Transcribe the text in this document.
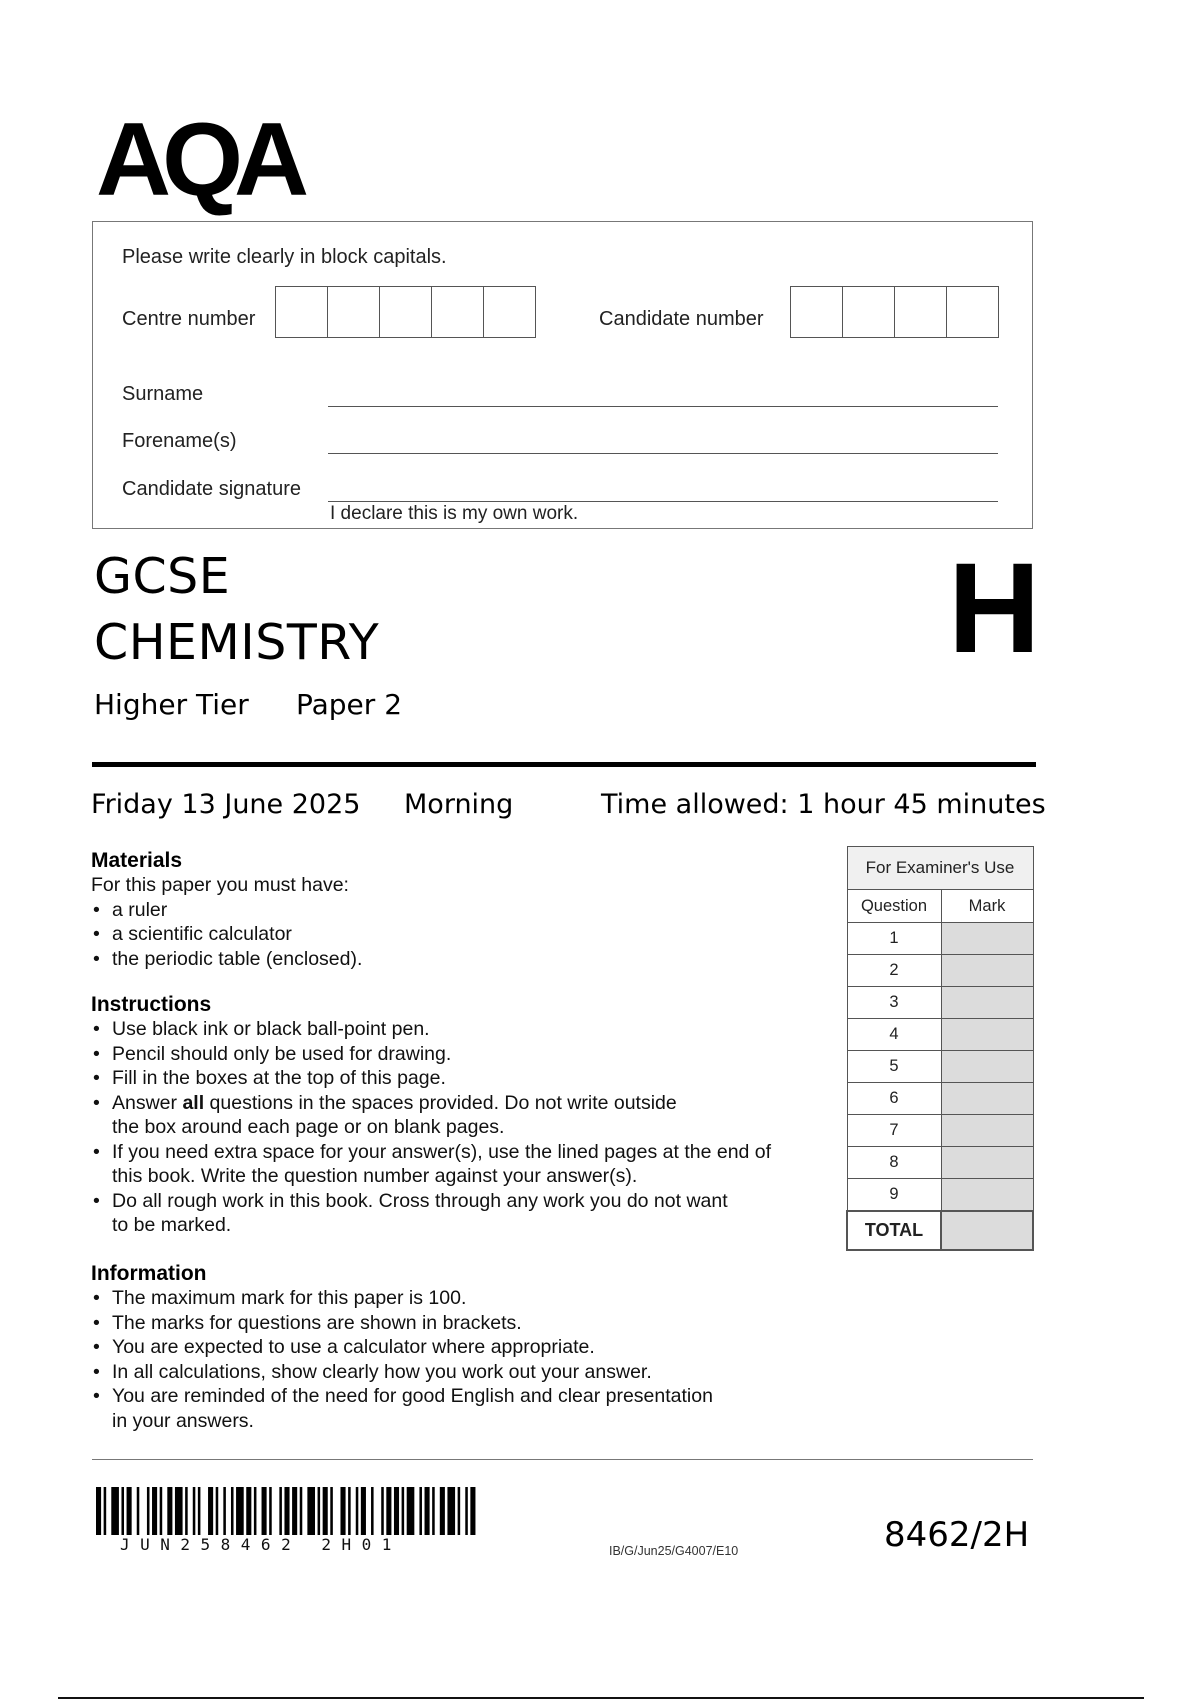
AQA
Please write clearly in block capitals.
Centre number	Candidate number
Surname
Forename(s)
Candidate signature
I declare this is my own work.
GCSE
CHEMISTRY
Higher Tier Paper 2
H
Friday 13 June 2025 Morning	Time allowed: 1 hour 45 minutes
Materials
For this paper you must have:
• a ruler
• a scientific calculator
• the periodic table (enclosed).
Instructions
• Use black ink or black ball-point pen.
• Pencil should only be used for drawing.
• Fill in the boxes at the top of this page.
• Answer all questions in the spaces provided. Do not write outside
the box around each page or on blank pages.
• If you need extra space for your answer(s), use the lined pages at the end of
this book. Write the question number against your answer(s).
• Do all rough work in this book. Cross through any work you do not want
to be marked.
Information
• The maximum mark for this paper is 100.
• The marks for questions are shown in brackets.
• You are expected to use a calculator where appropriate.
• In all calculations, show clearly how you work out your answer.
• You are reminded of the need for good English and clear presentation
in your answers.
For Examiner's Use	
Question	Mark
1	
2	
3	
4	
5	
6	
7	
8	
9	
TOTAL	
JUN258462 2H01	IB/G/Jun25/G4007/E10	8462/2H
